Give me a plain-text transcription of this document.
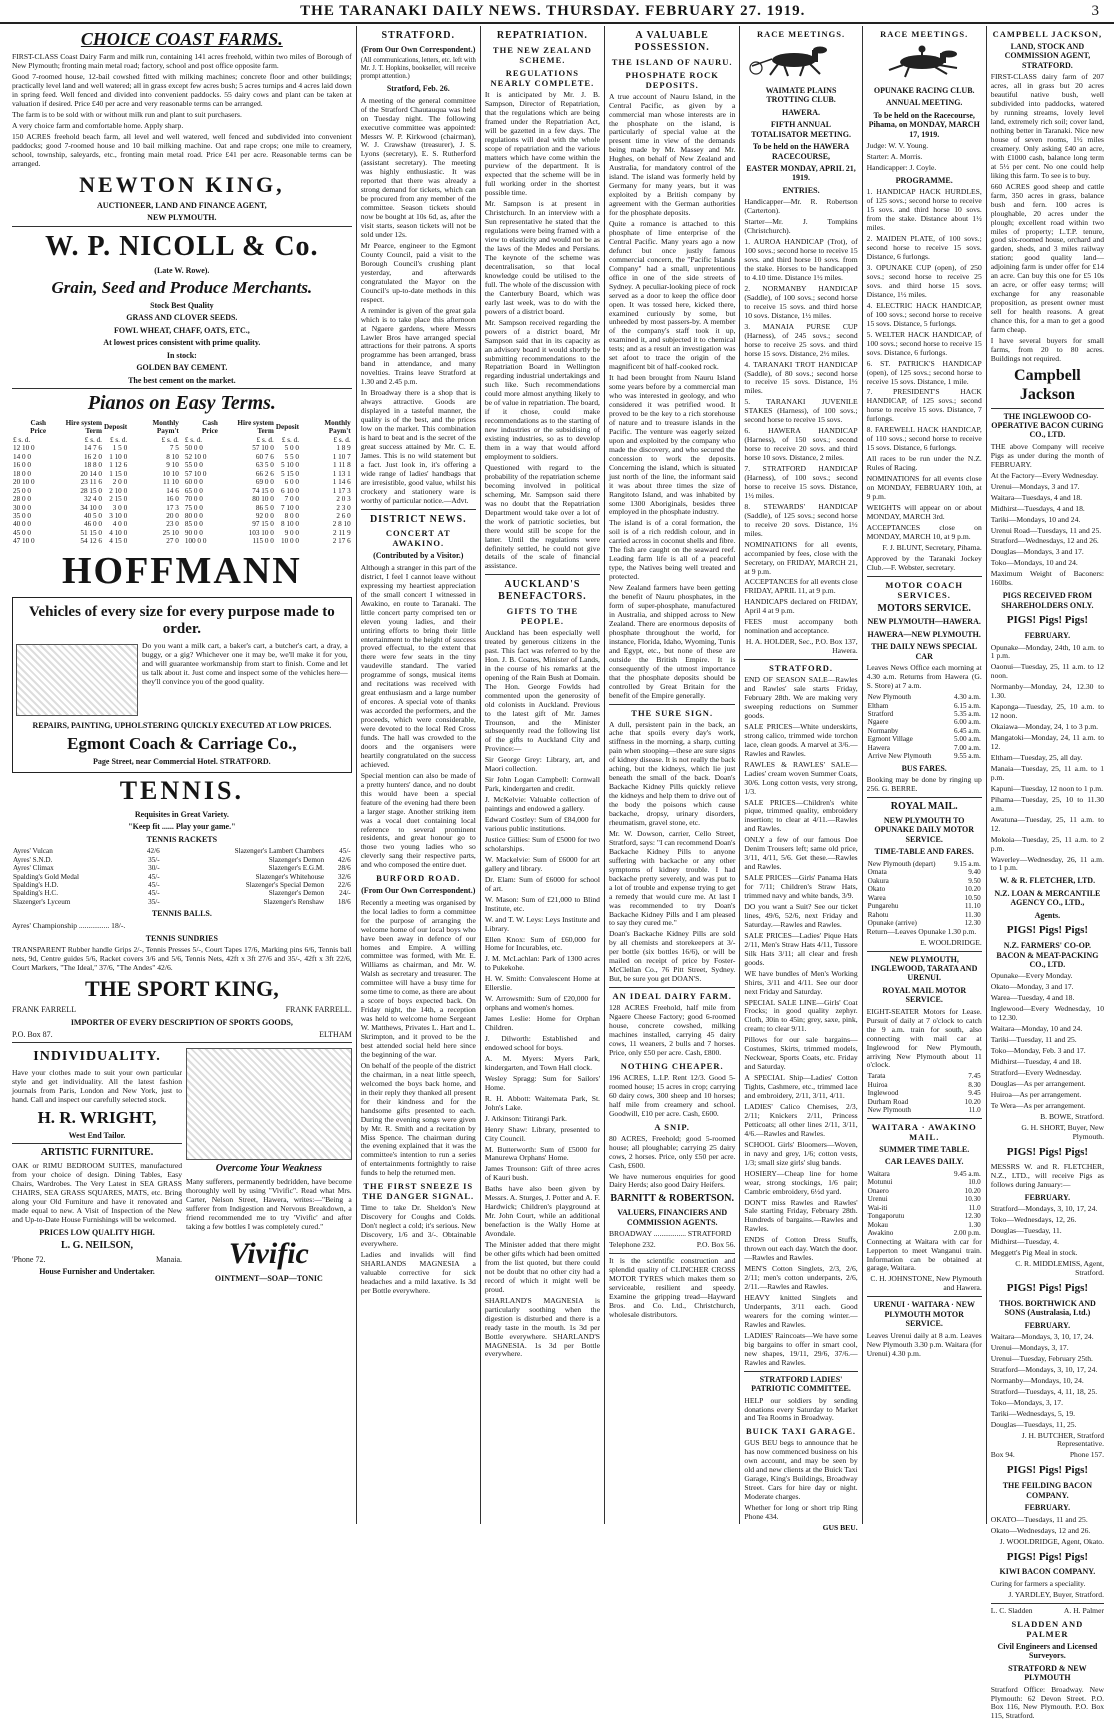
THE TARANAKI DAILY NEWS. THURSDAY. FEBRUARY 27. 1919.	3
CHOICE COAST FARMS.

FIRST-CLASS Coast Dairy Farm and milk run, containing 141 acres freehold, within two miles of Borough of New Plymouth; fronting main metal road; factory, school and post office opposite farm.

Good 7-roomed house, 12-bail cowshed fitted with milking machines; concrete floor and other buildings; practically level land and well watered; all in grass except few acres bush; 5 acres turnips and 4 acres laid down in spring feed. Well fenced and divided into convenient paddocks. 55 dairy cows and plant can be taken at valuation if desired. Price £40 per acre and very reasonable terms can be arranged.

The farm is to be sold with or without milk run and plant to suit purchasers.

A very choice farm and comfortable home. Apply sharp.

150 ACRES freehold beach farm, all level and well watered, well fenced and subdivided into convenient paddocks; good 7-roomed house and 10 bail milking machine. Oat and rape crops; one mile to creamery, school, township, saleyards, etc., fronting main metal road. Price £41 per acre. Reasonable terms can be arranged.

NEWTON KING,
AUCTIONEER, LAND AND FINANCE AGENT,
NEW PLYMOUTH.
W. P. NICOLL & Co.
(Late W. Rowe).
Grain, Seed and Produce Merchants.
Stock Best Quality
GRASS AND CLOVER SEEDS.
FOWL WHEAT, CHAFF, OATS, ETC.,
At lowest prices consistent with prime quality.
In stock:
GOLDEN BAY CEMENT.
The best cement on the market.
Pianos on Easy Terms.
Cash Price	Hire system Term	Deposit	Monthly Paym't
£ s. d.	£ s. d.	£ s. d.	£ s. d.
12 10 0	14 7 6	1 5 0	7 5
14 0 0	16 2 0	1 10 0	8 10
16 0 0	18 8 0	1 12 6	9 10
18 0 0	20 14 0	1 15 0	10 10
20 10 0	23 11 6	2 0 0	11 10
25 0 0	28 15 0	2 10 0	14 6
28 0 0	32 4 0	2 15 0	16 0
30 0 0	34 10 0	3 0 0	17 3
35 0 0	40 5 0	3 10 0	20 0
40 0 0	46 0 0	4 0 0	23 0
45 0 0	51 15 0	4 10 0	25 10
47 10 0	54 12 6	4 15 0	27 0
Cash Price	Hire system Term	Deposit	Monthly Paym't
£ s. d.	£ s. d.	£ s. d.	£ s. d.
50 0 0	57 10 0	5 0 0	1 8 9
52 10 0	60 7 6	5 5 0	1 10 7
55 0 0	63 5 0	5 10 0	1 11 8
57 10 0	66 2 6	5 15 0	1 13 1
60 0 0	69 0 0	6 0 0	1 14 6
65 0 0	74 15 0	6 10 0	1 17 3
70 0 0	80 10 0	7 0 0	2 0 3
75 0 0	86 5 0	7 10 0	2 3 0
80 0 0	92 0 0	8 0 0	2 6 0
85 0 0	97 15 0	8 10 0	2 8 10
90 0 0	103 10 0	9 0 0	2 11 9
100 0 0	115 0 0	10 0 0	2 17 6
HOFFMANN
Vehicles of every size for every purpose made to order.

Do you want a milk cart, a baker's cart, a butcher's cart, a dray, a buggy, or a gig? Whichever one it may be, we'll make it for you, and will guarantee workmanship from start to finish. Come and let us talk about it. Just come and inspect some of the vehicles here—they'll convince you of the good quality.

REPAIRS, PAINTING, UPHOLSTERING QUICKLY EXECUTED AT LOW PRICES.
Egmont Coach & Carriage Co.,
Page Street, near Commercial Hotel. STRATFORD.
TENNIS.
Requisites in Great Variety.
"Keep fit ...... Play your game."
TENNIS RACKETS
Ayres' Vulcan	42/6	Slazenger's Lambert Chambers	45/-
Ayres' S.N.D.	35/-	Slazenger's Demon	42/6
Ayres' Climax	30/-	Slazenger's E.G.M.	28/6
Spalding's Gold Medal	45/-	Slazenger's Whitehouse	32/6
Spalding's H.D.	45/-	Slazenger's Special Demon	22/6
Spalding's H.C.	45/-	Slazenger's Demon	24/-
Slazenger's Lyceum	35/-	Slazenger's Renshaw	18/6
TENNIS BALLS.
Ayres' Championship ................ 18/-.
TENNIS SUNDRIES

TRANSPARENT Rubber handle Grips 2/-, Tennis Presses 5/-, Court Tapes 17/6, Marking pins 6/6, Tennis ball nets, 9d, Centre guides 5/6, Racket covers 3/6 and 5/6, Tennis Nets, 42ft x 3ft 27/6 and 35/-, 42ft x 3ft 22/6, Court Markers, "The Ideal," 37/6, "The Andes" 42/6.

THE SPORT KING,
FRANK FARRELL	FRANK FARRELL.
IMPORTER OF EVERY DESCRIPTION OF SPORTS GOODS,
P.O. Box 87.	ELTHAM
INDIVIDUALITY.

Have your clothes made to suit your own particular style and get individuality. All the latest fashion journals from Paris, London and New York, just to hand. Call and inspect our carefully selected stock.

H. R. WRIGHT,
West End Tailor.
ARTISTIC FURNITURE.

OAK or RIMU BEDROOM SUITES, manufactured from your choice of design. Dining Tables, Easy Chairs, Wardrobes. The Very Latest in SEA GRASS CHAIRS, SEA GRASS SQUARES, MATS, etc. Bring along your Old Furniture and have it renovated and made equal to new. A Visit of Inspection of the New and Up-to-Date House Furnishings will be welcomed.

PRICES LOW QUALITY HIGH.
L. G. NEILSON,
'Phone 72.	Manaia.
House Furnisher and Undertaker.
Overcome Your Weakness

Many sufferers, permanently bedridden, have become thoroughly well by using "Vivific". Read what Mrs. Carter, Nelson Street, Hawera, writes:—"Being a sufferer from Indigestion and Nervous Breakdown, a friend recommended me to try 'Vivific' and after taking a few bottles I was completely cured."

Vivific
OINTMENT—SOAP—TONIC
STRATFORD.
(From Our Own Correspondent.)

(All communications, letters, etc. left with Mr. J. T. Hopkins, bookseller, will receive prompt attention.)

Stratford, Feb. 26.

A meeting of the general committee of the Stratford Chautauqua was held on Tuesday night. The following executive committee was appointed: Messrs W. P. Kirkwood (chairman), W. J. Crawshaw (treasurer), J. S. Lyons (secretary), E. S. Rutherford (assistant secretary). The meeting was highly enthusiastic. It was reported that there was already a strong demand for tickets, which can be procured from any member of the committee. Season tickets should now be bought at 10s 6d, as, after the visit starts, season tickets will not be sold under 12s.

Mr Pearce, engineer to the Egmont County Council, paid a visit to the Borough Council's crushing plant yesterday, and afterwards congratulated the Mayor on the Council's up-to-date methods in this respect.

A reminder is given of the great gala which is to take place this afternoon at Ngaere gardens, where Messrs Lawler Bros have arranged special attractions for their patrons. A sports programme has been arranged, brass band in attendance, and many novelties. Trains leave Stratford at 1.30 and 2.45 p.m.

In Broadway there is a shop that is always attractive. Goods are displayed in a tasteful manner, the quality is of the best, and the prices low on the market. This combination is hard to beat and is the secret of the great success attained by Mr. C. E. James. This is no wild statement but a fact. Just look in, it's offering a wide range of ladies' handbags that are irresistible, good value, whilst his crockery and stationery ware is worthy of particular notice.—Advt.

DISTRICT NEWS.
CONCERT AT AWAKINO.
(Contributed by a Visitor.)

Although a stranger in this part of the district, I feel I cannot leave without expressing my heartiest appreciation of the small concert I witnessed in Awakino, en route to Taranaki. The little concert party comprised ten or eleven young ladies, and their untiring efforts to bring their little entertainment to the height of success proved effectual, to the extent that there were few seats in the tiny vaudeville standard. The varied programme of songs, musical items and recitations was received with great enthusiasm and a large number of encores. A special vote of thanks was accorded the performers, and the proceeds, which were considerable, were devoted to the local Red Cross funds. The hall was crowded to the doors and the organisers were heartily congratulated on the success achieved.

Special mention can also be made of a pretty hunters' dance, and no doubt this would have been a special feature of the evening had there been a larger stage. Another striking item was a vocal duet containing local reference to several prominent residents, and great honour go to those two young ladies who so cleverly sang their respective parts, and who composed the entire duet.

BURFORD ROAD.
(From Our Own Correspondent.)

Recently a meeting was organised by the local ladies to form a committee for the purpose of arranging the welcome home of our local boys who have been away in defence of our homes and Empire. A willing committee was formed, with Mr. E. Williams as chairman, and Mr. W. Walsh as secretary and treasurer. The committee will have a busy time for some time to come, as there are about a score of boys expected back. On Friday night, the 14th, a reception was held to welcome home Sergeant W. Matthews, Privates L. Hart and L. Skrimpton, and it proved to be the best attended social held here since the beginning of the war.

On behalf of the people of the district the chairman, in a neat little speech, welcomed the boys back home, and in their reply they thanked all present for their kindness and for the handsome gifts presented to each. During the evening songs were given by Mr. R. Smith and a recitation by Miss Spence. The chairman during the evening explained that it was the committee's intention to run a series of entertainments fortnightly to raise funds to help the returned men.

THE FIRST SNEEZE IS THE DANGER SIGNAL.

Time to take Dr. Sheldon's New Discovery for Coughs and Colds. Don't neglect a cold; it's serious. New Discovery, 1/6 and 3/-. Obtainable everywhere.

Ladies and invalids will find SHARLANDS MAGNESIA a valuable corrective for sick headaches and a mild laxative. Is 3d per Bottle everywhere.

REPATRIATION.
THE NEW ZEALAND SCHEME.
REGULATIONS NEARLY COMPLETE.

It is anticipated by Mr. J. B. Sampson, Director of Repatriation, that the regulations which are being framed under the Repatriation Act, will be gazetted in a few days. The regulations will deal with the whole scope of repatriation and the various matters which have come within the purview of the department. It is expected that the scheme will be in full working order in the shortest possible time.

Mr. Sampson is at present in Christchurch. In an interview with a Sun representative he stated that the regulations were being framed with a view to elasticity and would not be as the laws of the Medes and Persians. The keynote of the scheme was decentralisation, so that local knowledge could be utilised to the full. The whole of the discussion with the Canterbury Board, which was early last week, was to do with the powers of a district board.

Mr. Sampson received regarding the powers of a district board, Mr Sampson said that in its capacity as an advisory board it would shortly be submitting recommendations to the Repatriation Board in Wellington regarding industrial undertakings and such like. Such recommendations could more almost anything likely to be of value in repatriation. The board, if it chose, could make recommendations as to the starting of new industries or the subsidising of existing industries, so as to develop them in a way that would afford employment to soldiers.

Questioned with regard to the probability of the repatriation scheme becoming involved in political scheming, Mr. Sampson said there was no doubt that the Repatriation Department would take over a lot of the work of patriotic societies, but there would still be scope for the latter. Until the regulations were definitely settled, he could not give details of the scale of financial assistance.

AUCKLAND'S BENEFACTORS.
GIFTS TO THE PEOPLE.

Auckland has been especially well treated by generous citizens in the past. This fact was referred to by the Hon. J. B. Coates, Minister of Lands, in the course of his remarks at the opening of the Rain Bush at Domain. The Hon. George Fowlds had commented upon the generosity of old colonists in Auckland. Previous to the latest gift of Mr. James Trounson, and the Minister subsequently read the following list of the gifts to Auckland City and Province:—

Sir George Grey: Library, art, and Maori collection.

Sir John Logan Campbell: Cornwall Park, kindergarten and credit.

J. McKelvie: Valuable collection of paintings and endowed a gallery.

Edward Costley: Sum of £84,000 for various public institutions.

Justice Gillies: Sum of £5000 for two scholarships.

W. Mackelvie: Sum of £6000 for art gallery and library.

Dr. Elam: Sum of £6000 for school of art.

W. Mason: Sum of £21,000 to Blind Institute, etc.

W. and T. W. Leys: Leys Institute and Library.

Ellen Knox: Sum of £60,000 for Home for Incurables, etc.

J. M. McLachlan: Park of 1300 acres to Pukekohe.

H. W. Smith: Convalescent Home at Ellerslie.

W. Arrowsmith: Sum of £20,000 for orphans and women's homes.

James Leslie: Home for Orphan Children.

J. Dilworth: Established and endowed school for boys.

A. M. Myers: Myers Park, kindergarten, and Town Hall clock.

Wesley Spragg: Sum for Sailors' Home.

R. H. Abbott: Waitemata Park, St. John's Lake.

J. Atkinson: Titirangi Park.

Henry Shaw: Library, presented to City Council.

M. Butterworth: Sum of £5000 for Manurewa Orphans' Home.

James Trounson: Gift of three acres of Kauri bush.

Baths have also been given by Messrs. A. Sturges, J. Potter and A. F. Hardwick; Children's playground at Mr. John Court, while an additional benefaction is the Wally Home at Avondale.

The Minister added that there might be other gifts which had been omitted from the list quoted, but there could not be doubt that no other city had a record of which it might well be proud.

SHARLAND'S MAGNESIA is particularly soothing when the digestion is disturbed and there is a ready taste in the mouth. 1s 3d per Bottle everywhere. SHARLAND'S MAGNESIA. 1s 3d per Bottle everywhere.

A VALUABLE POSSESSION.
THE ISLAND OF NAURU.
PHOSPHATE ROCK DEPOSITS.

A true account of Nauru Island, in the Central Pacific, as given by a commercial man whose interests are in the phosphate on the island, is particularly of special value at the present time in view of the demands being made by Mr. Massey and Mr. Hughes, on behalf of New Zealand and Australia, for mandatory control of the island. The island was formerly held by Germany for many years, but it was exploited by a British company by agreement with the German authorities for the phosphate deposits.

Quite a romance is attached to this phosphate of lime enterprise of the Central Pacific. Many years ago a now defunct but once justly famous commercial concern, the "Pacific Islands Company" had a small, unpretentious office in one of the side streets of Sydney. A peculiar-looking piece of rock served as a door to keep the office door open. It was tossed here, kicked there, examined curiously by some, but unheeded by most passers-by. A member of the company's staff took it up, examined it, and subjected it to chemical tests; and as a result an investigation was set afoot to trace the origin of the magnificent bit of half-cooked rock.

It had been brought from Nauru Island some years before by a commercial man who was interested in geology, and who considered it was petrified wood. It proved to be the key to a rich storehouse of nature and to treasure islands in the Pacific. The venture was eagerly seized upon and exploited by the company who made the discovery, and who secured the concession to work the deposits. Concerning the island, which is situated just north of the line, the informant said it was about three times the size of Rangitoto Island, and was inhabited by some 1300 Aboriginals, besides three employed in the phosphate industry.

The island is of a coral formation, the soil is of a rich reddish colour, and in carried across in coconut shells and fibre. The fish are caught on the seaward reef. Leading farm life is all of a peaceful type, the Natives being well treated and protected.

New Zealand farmers have been getting the benefit of Nauru phosphates, in the form of super-phosphate, manufactured in Australia, and shipped across to New Zealand. There are enormous deposits of phosphate throughout the world, for instance, Florida, Idaho, Wyoming, Tunis and Egypt, etc., but none of these are outside the British Empire. It is consequently of the utmost importance that the phosphate deposits should be controlled by Great Britain for the benefit of the Empire generally.

THE SURE SIGN.

A dull, persistent pain in the back, an ache that spoils every day's work, stiffness in the morning, a sharp, cutting pain when stooping—these are sure signs of kidney disease. It is not really the back aching, but the kidneys, which lie just beneath the small of the back. Doan's Backache Kidney Pills quickly relieve the kidneys and help them to drive out of the body the poisons which cause backache, dropsy, urinary disorders, rheumatism, gravel stone, etc.

Mr. W. Dowson, carrier, Cello Street, Stratford, says: "I can recommend Doan's Backache Kidney Pills to anyone suffering with backache or any other symptoms of kidney trouble. I had backache pretty severely, and was put to a lot of trouble and expense trying to get a remedy that would cure me. At last I was recommended to try Doan's Backache Kidney Pills and I am pleased to say they cured me."

Doan's Backache Kidney Pills are sold by all chemists and storekeepers at 3/- per bottle (six bottles 16/6), or will be mailed on receipt of price by Foster-McClellan Co., 76 Pitt Street, Sydney. But, be sure you get DOAN'S.

AN IDEAL DAIRY FARM.

128 ACRES Freehold, half mile from Ngaere Cheese Factory; good 6-roomed house, concrete cowshed, milking machines installed, carrying 45 dairy cows, 11 weaners, 2 bulls and 7 horses. Price, only £50 per acre. Cash, £800.

NOTHING CHEAPER.

196 ACRES, L.I.P. Rent 12/3. Good 5-roomed house; 15 acres in crop; carrying 60 dairy cows, 300 sheep and 10 horses; half mile from creamery and school. Goodwill, £10 per acre. Cash, £600.

A SNIP.

80 ACRES, Freehold; good 5-roomed house; all ploughable; carrying 25 dairy cows, 2 horses. Price, only £50 per acre. Cash, £600.

We have numerous enquiries for good Dairy Herds; also good Dairy Heifers.

BARNITT & ROBERTSON.
VALUERS, FINANCIERS AND COMMISSION AGENTS.
BROADWAY ................. STRATFORD
Telephone 232.	P.O. Box 56.

It is the scientific construction and splendid quality of CLINCHER CROSS MOTOR TYRES which makes them so serviceable, resilient and speedy. Examine the gripping tread—Hayward Bros. and Co. Ltd., Christchurch, wholesale distributors.

RACE MEETINGS.
WAIMATE PLAINS TROTTING CLUB.
HAWERA.
FIFTH ANNUAL TOTALISATOR MEETING.
To be held on the HAWERA RACECOURSE,
EASTER MONDAY, APRIL 21, 1919.
ENTRIES.
Handicapper—Mr. R. Robertson (Carterton).
Starter—Mr. J. Tompkins (Christchurch).

1. AUROA HANDICAP (Trot), of 100 sovs.; second horse to receive 15 sovs. and third horse 10 sovs. from the stake. Horses to be handicapped to 4.10 time. Distance 1½ miles.

2. NORMANBY HANDICAP (Saddle), of 100 sovs.; second horse to receive 15 sovs. and third horse 10 sovs. Distance, 1½ miles.

3. MANAIA PURSE CUP (Harness), of 245 sovs.; second horse to receive 25 sovs. and third horse 15 sovs. Distance, 2½ miles.

4. TARANAKI TROT HANDICAP (Saddle), of 80 sovs.; second horse to receive 15 sovs. Distance, 1½ miles.

5. TARANAKI JUVENILE STAKES (Harness), of 100 sovs.; second horse to receive 15 sovs.

6. HAWERA HANDICAP (Harness), of 150 sovs.; second horse to receive 20 sovs. and third horse 10 sovs. Distance, 2 miles.

7. STRATFORD HANDICAP (Harness), of 100 sovs.; second horse to receive 15 sovs. Distance, 1½ miles.

8. STEWARDS' HANDICAP (Saddle), of 125 sovs.; second horse to receive 20 sovs. Distance, 1½ miles.

NOMINATIONS for all events, accompanied by fees, close with the Secretary, on FRIDAY, MARCH 21, at 9 p.m.

ACCEPTANCES for all events close FRIDAY, APRIL 11, at 9 p.m.

HANDICAPS declared on FRIDAY, April 4 at 9 p.m.

FEES must accompany both nomination and acceptance.

H. A. HOLDER, Sec., P.O. Box 137, Hawera.
STRATFORD.

END OF SEASON SALE—Rawles and Rawles' sale starts Friday, February 28th. We are making very sweeping reductions on Summer goods.

SALE PRICES—White underskirts, strong calico, trimmed wide torchon lace, clean goods. A marvel at 3/6.—Rawles and Rawles.

RAWLES & RAWLES' SALE—Ladies' cream woven Summer Coats, 30/6. Long cotton vests, very strong, 1/3.

SALE PRICES—Children's white pique, trimmed quality, embroidery insertion; to clear at 4/11.—Rawles and Rawles.

ONLY a few of our famous Doe Denim Trousers left; same old price, 3/11, 4/11, 5/6. Get these.—Rawles and Rawles.

SALE PRICES—Girls' Panama Hats for 7/11; Children's Straw Hats, trimmed navy and white bands, 3/9.

DO you want a Suit? See our ticket lines, 49/6, 52/6, next Friday and Saturday.—Rawles and Rawles.

SALE PRICES—Ladies' Pique Hats 2/11, Men's Straw Hats 4/11, Tussore Silk Hats 3/11; all clear and fresh goods.

WE have bundles of Men's Working Shirts, 3/11 and 4/11. See our door next Friday and Saturday.

SPECIAL SALE LINE—Girls' Coat Frocks; in good quality zephyr. Cloth, 30in to 45in; grey, saxe, pink, cream; to clear 9/11.

Pillows for our sale bargains—Costumes, Skirts, trimmed models, Neckwear, Sports Coats, etc. Friday and Saturday.

A SPECIAL Ship—Ladies' Cotton Tights, Cashmere, etc., trimmed lace and embroidery, 2/11, 3/11, 4/11.

LADIES' Calico Chemises, 2/3, 2/11; Knickers 2/11, Princess Petticoats; all other lines 2/11, 3/11, 4/6.—Rawles and Rawles.

SCHOOL Girls' Bloomers—Woven, in navy and grey, 1/6; cotton vests, 1/3; small size girls' slug bands.

HOSIERY—Cheap line for home wear, strong stockings, 1/6 pair; Cambric embroidery, 6½d yard.

DON'T miss Rawles and Rawles' Sale starting Friday, February 28th. Hundreds of bargains.—Rawles and Rawles.

ENDS of Cotton Dress Stuffs, thrown out each day. Watch the door.—Rawles and Rawles.

MEN'S Cotton Singlets, 2/3, 2/6, 2/11; men's cotton underpants, 2/6, 2/11.—Rawles and Rawles.

HEAVY knitted Singlets and Underpants, 3/11 each. Good wearers for the coming winter.—Rawles and Rawles.

LADIES' Raincoats—We have some big bargains to offer in smart cool, new shapes, 19/11, 29/6, 37/6.—Rawles and Rawles.

STRATFORD LADIES' PATRIOTIC COMMITTEE.

HELP our soldiers by sending donations every Saturday to Market and Tea Rooms in Broadway.

BUICK TAXI GARAGE.

GUS BEU begs to announce that he has now commenced business on his own account, and may be seen by old and new clients at the Buick Taxi Garage, King's Buildings, Broadway Street. Cars for hire day or night. Moderate charges.

Whether for long or short trip Ring Phone 434.

GUS BEU.
RACE MEETINGS.
OPUNAKE RACING CLUB.
ANNUAL MEETING.
To be held on the Racecourse, Pihama, on MONDAY, MARCH 17, 1919.
Judge: W. V. Young.
Starter: A. Morris.
Handicapper: J. Coyle.
PROGRAMME.

1. HANDICAP HACK HURDLES, of 125 sovs.; second horse to receive 15 sovs. and third horse 10 sovs. from the stake. Distance about 1½ miles.

2. MAIDEN PLATE, of 100 sovs.; second horse to receive 15 sovs. Distance, 6 furlongs.

3. OPUNAKE CUP (open), of 250 sovs.; second horse to receive 25 sovs. and third horse 15 sovs. Distance, 1½ miles.

4. ELECTRIC HACK HANDICAP, of 100 sovs.; second horse to receive 15 sovs. Distance, 5 furlongs.

5. WELTER HACK HANDICAP, of 100 sovs.; second horse to receive 15 sovs. Distance, 6 furlongs.

6. ST. PATRICK'S HANDICAP (open), of 125 sovs.; second horse to receive 15 sovs. Distance, 1 mile.

7. PRESIDENT'S HACK HANDICAP, of 125 sovs.; second horse to receive 15 sovs. Distance, 7 furlongs.

8. FAREWELL HACK HANDICAP, of 110 sovs.; second horse to receive 15 sovs. Distance, 6 furlongs.

All races to be run under the N.Z. Rules of Racing.

NOMINATIONS for all events close on MONDAY, FEBRUARY 10th, at 9 p.m.

WEIGHTS will appear on or about MONDAY, MARCH 3rd.

ACCEPTANCES close on MONDAY, MARCH 10, at 9 p.m.

F. J. BLUNT, Secretary, Pihama.
Approved by the Taranaki Jockey Club.—F. Webster, secretary.
MOTOR COACH SERVICES.
MOTORS SERVICE.
NEW PLYMOUTH—HAWERA.
HAWERA—NEW PLYMOUTH.
THE DAILY NEWS SPECIAL CAR

Leaves News Office each morning at 4.30 a.m. Returns from Hawera (G. S. Store) at 7 a.m.

New Plymouth	4.30 a.m.
Eltham	6.15 a.m.
Stratford	5.35 a.m.
Ngaere	6.00 a.m.
Normanby	6.45 a.m.
Egmont Village	5.00 a.m.
Hawera	7.00 a.m.
Arrive New Plymouth	9.55 a.m.
BUS FARES.

Booking may be done by ringing up 256. G. BERRE.

ROYAL MAIL.
NEW PLYMOUTH TO OPUNAKE DAILY MOTOR SERVICE.
TIME-TABLE AND FARES.
New Plymouth (depart)	9.15 a.m.
Omata	9.40
Oakura	9.50
Okato	10.20
Warea	10.50
Pungarehu	11.10
Rahotu	11.30
Opunake (arrive)	12.30

Return—Leaves Opunake 1.30 p.m.

E. WOOLDRIDGE.
NEW PLYMOUTH, INGLEWOOD, TARATA AND URENUI.
ROYAL MAIL MOTOR SERVICE.

EIGHT-SEATER Motors for Lease. Pursuit of daily at 7 o'clock to catch the 9 a.m. train for south, also connecting with mail car at Inglewood for New Plymouth, arriving New Plymouth about 11 o'clock.

Tarata	7.45
Huiroa	8.30
Inglewood	9.45
Durham Road	10.20
New Plymouth	11.0
WAITARA · AWAKINO MAIL.
SUMMER TIME TABLE.
CAR LEAVES DAILY.
Waitara	9.45 a.m.
Motunui	10.0
Onaero	10.20
Urenui	10.30
Wai-iti	11.0
Tongaporutu	12.30
Mokau	1.30
Awakino	2.00 p.m.

Connecting at Waitara with car for Lepperton to meet Wanganui train. Information can be obtained at garage, Waitara.

C. H. JOHNSTONE, New Plymouth and Hawera.
URENUI · WAITARA · NEW PLYMOUTH MOTOR SERVICE.

Leaves Urenui daily at 8 a.m. Leaves New Plymouth 3.30 p.m. Waitara (for Urenui) 4.30 p.m.

CAMPBELL JACKSON,
LAND, STOCK AND COMMISSION AGENT, STRATFORD.

FIRST-CLASS dairy farm of 207 acres, all in grass but 20 acres beautiful native bush, well subdivided into paddocks, watered by running streams, lovely level land, extremely rich soil; cover land, nothing better in Taranaki. Nice new house of seven rooms, 1½ miles creamery. Only asking £40 an acre, with £1000 cash, balance long term at 5½ per cent. No one could help liking this farm. To see is to buy.

660 ACRES good sheep and cattle farm, 350 acres in grass, balance bush and fern. 100 acres is ploughable, 20 acres under the plough; excellent road within two miles of property; L.T.P. tenure, good six-roomed house, orchard and garden, sheds, and 3 miles railway station; good quality land—adjoining farm is under offer for £14 an acre. Can buy this one for £5 10s an acre, or offer easy terms; will exchange for any reasonable proposition, as present owner must sell for health reasons. A great chance this, for a man to get a good farm cheap.

I have several buyers for small farms, from 20 to 80 acres. Buildings not required.

Campbell Jackson
THE INGLEWOOD CO-OPERATIVE BACON CURING CO., LTD.

THE above Company will receive Pigs as under during the month of FEBRUARY.

At the Factory—Every Wednesday.

Urenui—Mondays, 3 and 17.

Waitara—Tuesdays, 4 and 18.

Midhirst—Tuesdays, 4 and 18.

Tariki—Mondays, 10 and 24.

Urenui Road—Tuesdays, 11 and 25.

Stratford—Wednesdays, 12 and 26.

Douglas—Mondays, 3 and 17.

Toko—Mondays, 10 and 24.

Maximum Weight of Baconers: 160lbs.
PIGS RECEIVED FROM SHAREHOLDERS ONLY.
PIGS! Pigs! Pigs!
FEBRUARY.

Opunake—Monday, 24th, 10 a.m. to 1 p.m.

Oaonui—Tuesday, 25, 11 a.m. to 12 noon.

Normanby—Monday, 24, 12.30 to 1.30.

Kaponga—Tuesday, 25, 10 a.m. to 12 noon.

Okaiawa—Monday, 24, 1 to 3 p.m.

Mangatoki—Monday, 24, 11 a.m. to 12.

Eltham—Tuesday, 25, all day.

Manaia—Tuesday, 25, 11 a.m. to 1 p.m.

Kapuni—Tuesday, 12 noon to 1 p.m.

Pihama—Tuesday, 25, 10 to 11.30 a.m.

Awatuna—Tuesday, 25, 11 a.m. to 12.

Mokoia—Tuesday, 25, 11 a.m. to 2 p.m.

Waverley—Wednesday, 26, 11 a.m. to 1 p.m.

W. & R. FLETCHER, LTD.
N.Z. LOAN & MERCANTILE AGENCY CO., LTD.,
Agents.
PIGS! Pigs! Pigs!
N.Z. FARMERS' CO-OP. BACON & MEAT-PACKING CO., LTD.

Opunake—Every Monday.

Okato—Monday, 3 and 17.

Warea—Tuesday, 4 and 18.

Inglewood—Every Wednesday, 10 to 12.30.

Waitara—Monday, 10 and 24.

Tariki—Tuesday, 11 and 25.

Toko—Monday, Feb. 3 and 17.

Midhirst—Tuesday, 4 and 18.

Stratford—Every Wednesday.

Douglas—As per arrangement.

Huiroa—As per arrangement.

Te Wera—As per arrangement.

B. BOWE, Stratford.
G. H. SHORT, Buyer, New Plymouth.
PIGS! Pigs! Pigs!

MESSRS W. and R. FLETCHER, N.Z., LTD., will receive Pigs as follows during January:—

FEBRUARY.

Stratford—Mondays, 3, 10, 17, 24.

Toko—Wednesdays, 12, 26.

Douglas—Tuesday, 11.

Midhirst—Tuesday, 4.

Meggett's Pig Meal in stock.

C. R. MIDDLEMISS, Agent, Stratford.
PIGS! Pigs! Pigs!
THOS. BORTHWICK AND SONS (Australasia, Ltd.)
FEBRUARY.

Waitara—Mondays, 3, 10, 17, 24.

Urenui—Mondays, 3, 17.

Urenui—Tuesday, February 25th.

Stratford—Mondays, 3, 10, 17, 24.

Normanby—Mondays, 10, 24.

Stratford—Tuesdays, 4, 11, 18, 25.

Toko—Mondays, 3, 17.

Tariki—Wednesdays, 5, 19.

Douglas—Tuesdays, 11, 25.

J. H. BUTCHER, Stratford Representative.
Box 94.	Phone 157.
PIGS! Pigs! Pigs!
THE FEILDING BACON COMPANY.
FEBRUARY.

OKATO—Tuesdays, 11 and 25.

Okato—Wednesdays, 12 and 26.

J. WOOLDRIDGE, Agent, Okato.
PIGS! Pigs! Pigs!
KIWI BACON COMPANY.
Curing for farmers a speciality.
J. YARDLEY, Buyer, Stratford.
L. C. Sladden	A. H. Palmer
SLADDEN AND PALMER
Civil Engineers and Licensed Surveyors.
STRATFORD & NEW PLYMOUTH

Stratford Office: Broadway. New Plymouth: 62 Devon Street. P.O. Box 116, New Plymouth. P.O. Box 115, Stratford.
